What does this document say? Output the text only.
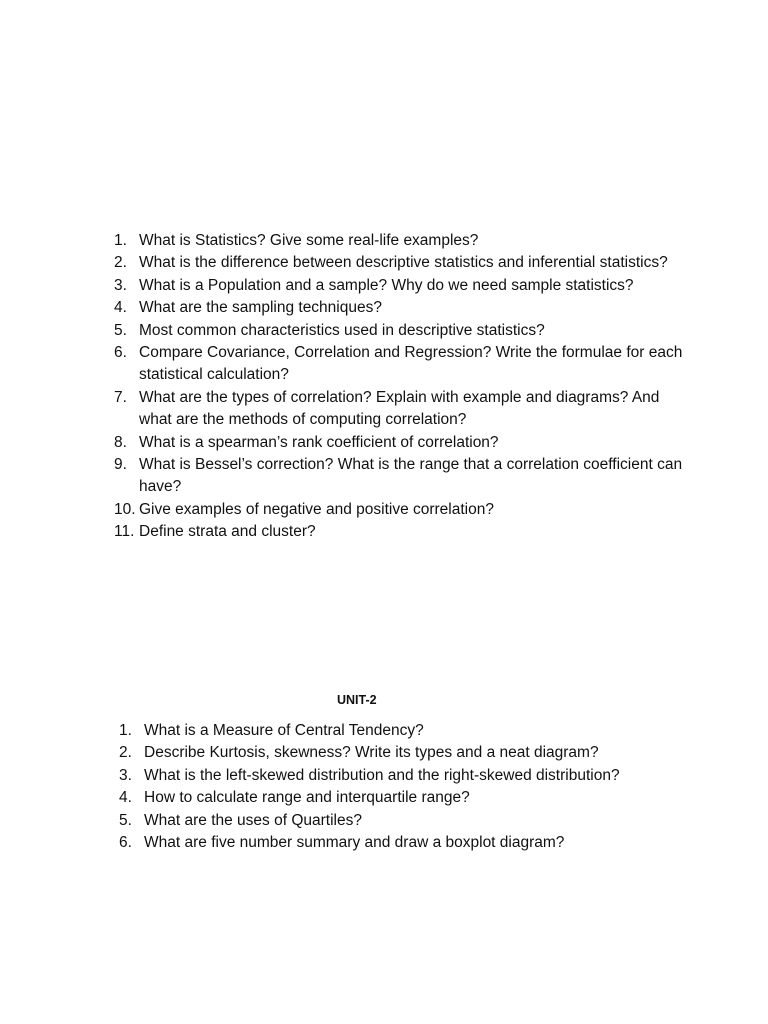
1. What is Statistics? Give some real-life examples?
2. What is the difference between descriptive statistics and inferential statistics?
3. What is a Population and a sample? Why do we need sample statistics?
4. What are the sampling techniques?
5. Most common characteristics used in descriptive statistics?
6. Compare Covariance, Correlation and Regression? Write the formulae for each statistical calculation?
7. What are the types of correlation? Explain with example and diagrams? And what are the methods of computing correlation?
8. What is a spearman’s rank coefficient of correlation?
9. What is Bessel’s correction? What is the range that a correlation coefficient can have?
10. Give examples of negative and positive correlation?
11. Define strata and cluster?
UNIT-2
1. What is a Measure of Central Tendency?
2. Describe Kurtosis, skewness? Write its types and a neat diagram?
3. What is the left-skewed distribution and the right-skewed distribution?
4. How to calculate range and interquartile range?
5. What are the uses of Quartiles?
6. What are five number summary and draw a boxplot diagram?
